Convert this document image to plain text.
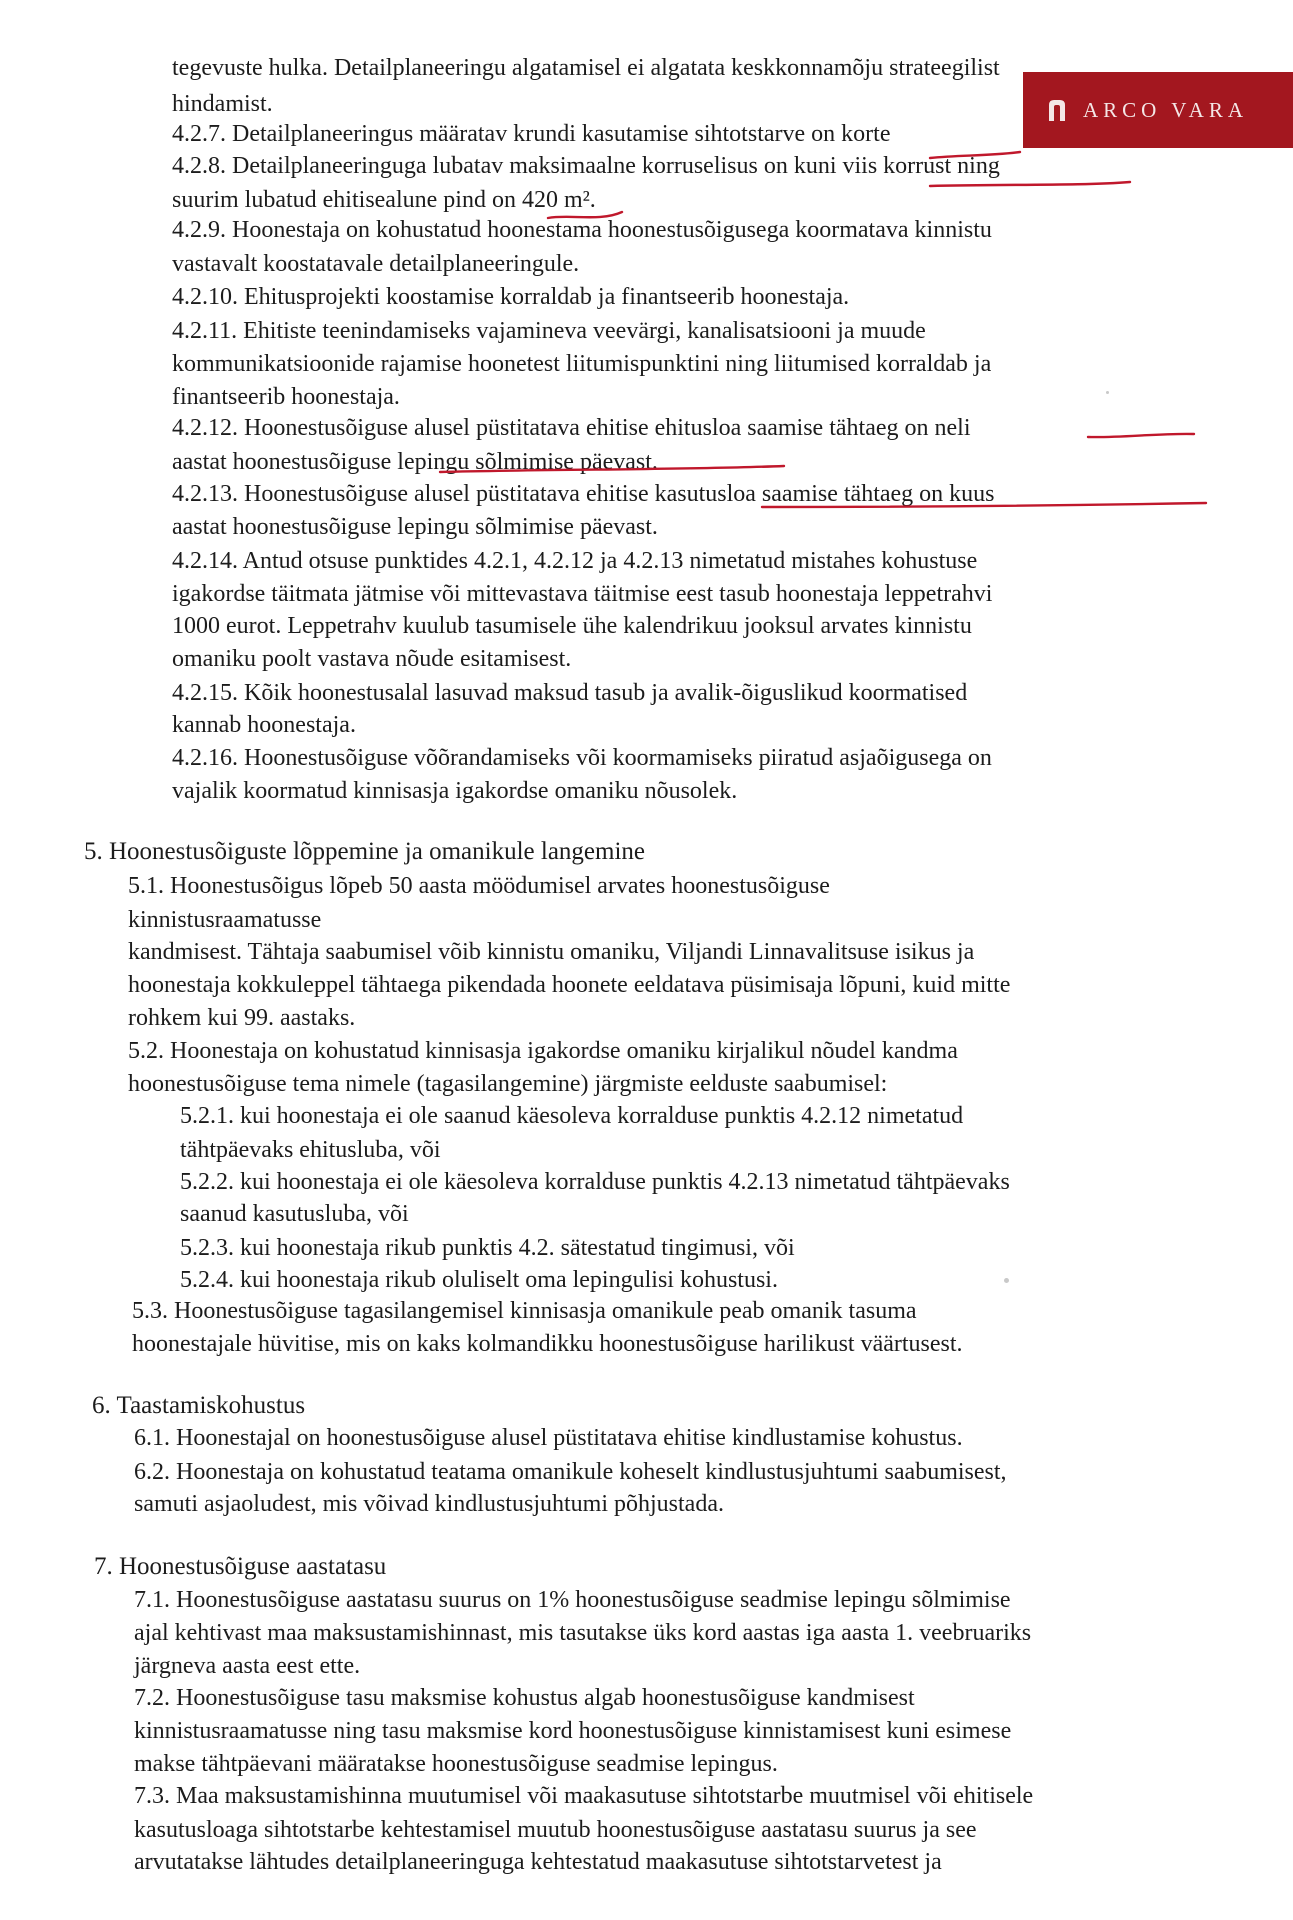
tegevuste hulka. Detailplaneeringu algatamisel ei algatata keskkonnamõju strateegilist
hindamist.
4.2.7. Detailplaneeringus määratav krundi kasutamise sihtotstarve on korte
4.2.8. Detailplaneeringuga lubatav maksimaalne korruselisus on kuni viis korrust ning
suurim lubatud ehitisealune pind on 420 m².
4.2.9. Hoonestaja on kohustatud hoonestama hoonestusõigusega koormatava kinnistu
vastavalt koostatavale detailplaneeringule.
4.2.10. Ehitusprojekti koostamise korraldab ja finantseerib hoonestaja.
4.2.11. Ehitiste teenindamiseks vajamineva veevärgi, kanalisatsiooni ja muude
kommunikatsioonide rajamise hoonetest liitumispunktini ning liitumised korraldab ja
finantseerib hoonestaja.
4.2.12. Hoonestusõiguse alusel püstitatava ehitise ehitusloa saamise tähtaeg on neli
aastat hoonestusõiguse lepingu sõlmimise päevast.
4.2.13. Hoonestusõiguse alusel püstitatava ehitise kasutusloa saamise tähtaeg on kuus
aastat hoonestusõiguse lepingu sõlmimise päevast.
4.2.14. Antud otsuse punktides 4.2.1, 4.2.12 ja 4.2.13 nimetatud mistahes kohustuse
igakordse täitmata jätmise või mittevastava täitmise eest tasub hoonestaja leppetrahvi
1000 eurot. Leppetrahv kuulub tasumisele ühe kalendrikuu jooksul arvates kinnistu
omaniku poolt vastava nõude esitamisest.
4.2.15. Kõik hoonestusalal lasuvad maksud tasub ja avalik-õiguslikud koormatised
kannab hoonestaja.
4.2.16. Hoonestusõiguse võõrandamiseks või koormamiseks piiratud asjaõigusega on
vajalik koormatud kinnisasja igakordse omaniku nõusolek.
5. Hoonestusõiguste lõppemine ja omanikule langemine
5.1. Hoonestusõigus lõpeb 50 aasta möödumisel arvates hoonestusõiguse
kinnistusraamatusse
kandmisest. Tähtaja saabumisel võib kinnistu omaniku, Viljandi Linnavalitsuse isikus ja
hoonestaja kokkuleppel tähtaega pikendada hoonete eeldatava püsimisaja lõpuni, kuid mitte
rohkem kui 99. aastaks.
5.2. Hoonestaja on kohustatud kinnisasja igakordse omaniku kirjalikul nõudel kandma
hoonestusõiguse tema nimele (tagasilangemine) järgmiste eelduste saabumisel:
5.2.1. kui hoonestaja ei ole saanud käesoleva korralduse punktis 4.2.12 nimetatud
tähtpäevaks ehitusluba, või
5.2.2. kui hoonestaja ei ole käesoleva korralduse punktis 4.2.13 nimetatud tähtpäevaks
saanud kasutusluba, või
5.2.3. kui hoonestaja rikub punktis 4.2. sätestatud tingimusi, või
5.2.4. kui hoonestaja rikub oluliselt oma lepingulisi kohustusi.
5.3. Hoonestusõiguse tagasilangemisel kinnisasja omanikule peab omanik tasuma
hoonestajale hüvitise, mis on kaks kolmandikku hoonestusõiguse harilikust väärtusest.
6. Taastamiskohustus
6.1. Hoonestajal on hoonestusõiguse alusel püstitatava ehitise kindlustamise kohustus.
6.2. Hoonestaja on kohustatud teatama omanikule koheselt kindlustusjuhtumi saabumisest,
samuti asjaoludest, mis võivad kindlustusjuhtumi põhjustada.
7. Hoonestusõiguse aastatasu
7.1. Hoonestusõiguse aastatasu suurus on 1% hoonestusõiguse seadmise lepingu sõlmimise
ajal kehtivast maa maksustamishinnast, mis tasutakse üks kord aastas iga aasta 1. veebruariks
järgneva aasta eest ette.
7.2. Hoonestusõiguse tasu maksmise kohustus algab hoonestusõiguse kandmisest
kinnistusraamatusse ning tasu maksmise kord hoonestusõiguse kinnistamisest kuni esimese
makse tähtpäevani määratakse hoonestusõiguse seadmise lepingus.
7.3. Maa maksustamishinna muutumisel või maakasutuse sihtotstarbe muutmisel või ehitisele
kasutusloaga sihtotstarbe kehtestamisel muutub hoonestusõiguse aastatasu suurus ja see
arvutatakse lähtudes detailplaneeringuga kehtestatud maakasutuse sihtotstarvetest ja
ARCO VARA
